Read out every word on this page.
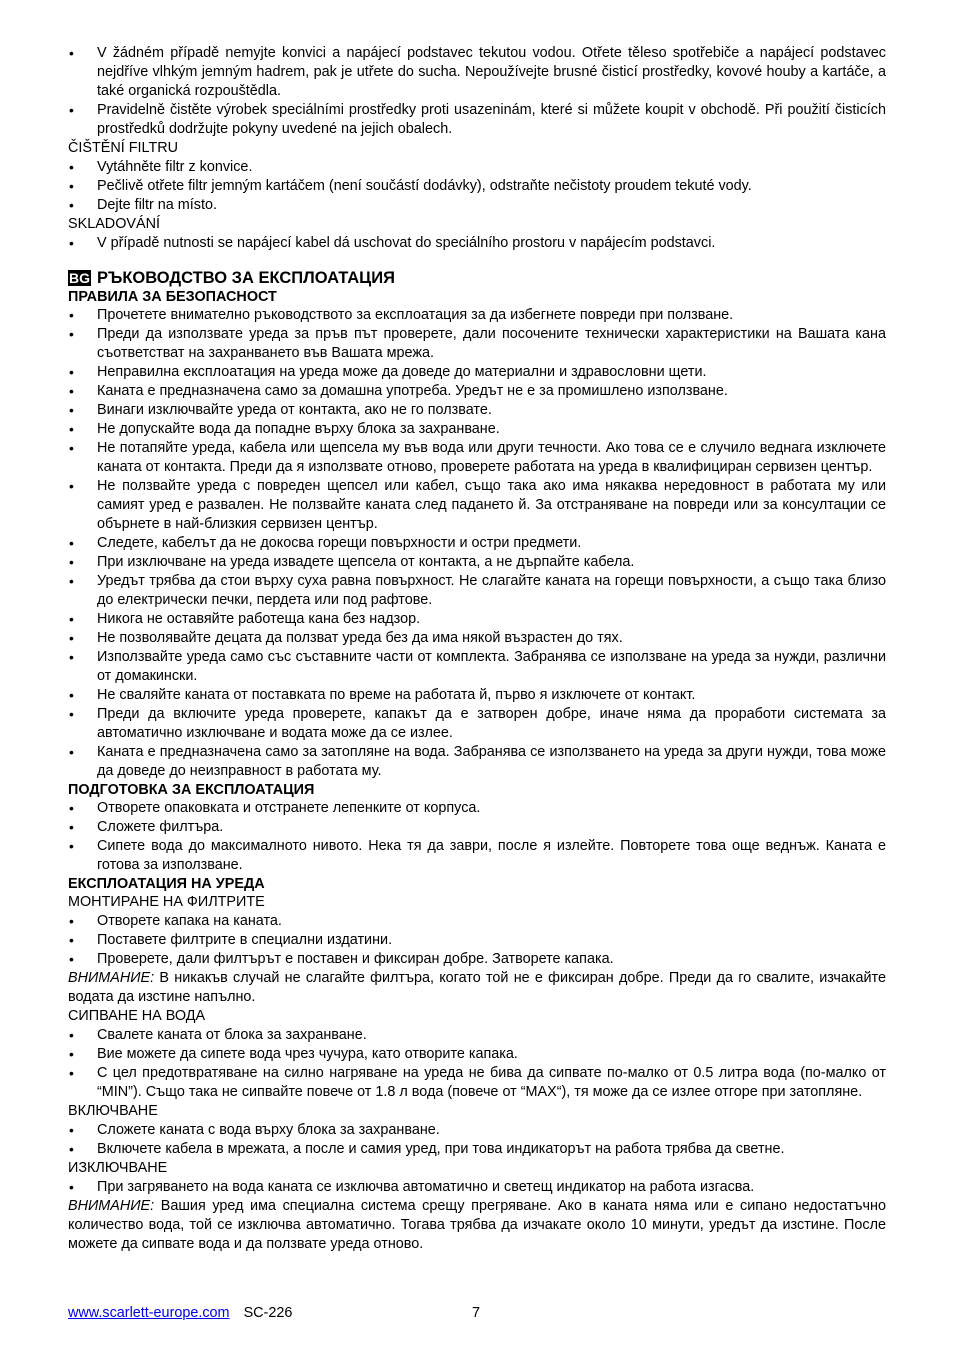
• V žádném případě nemyjte konvici a napájecí podstavec tekutou vodou. Otřete těleso spotřebiče a napájecí podstavec nejdříve vlhkým jemným hadrem, pak je utřete do sucha. Nepoužívejte brusné čisticí prostředky, kovové houby a kartáče, a také organická rozpouštědla.
• Pravidelně čistěte výrobek speciálními prostředky proti usazeninám, které si můžete koupit v obchodě. Při použití čisticích prostředků dodržujte pokyny uvedené na jejich obalech.
ČIŠTĚNÍ FILTRU
• Vytáhněte filtr z konvice.
• Pečlivě otřete filtr jemným kartáčem (není součástí dodávky), odstraňte nečistoty proudem tekuté vody.
• Dejte filtr na místo.
SKLADOVÁNÍ
• V případě nutnosti se napájecí kabel dá uschovat do speciálního prostoru v napájecím podstavci.
BG РЪКОВОДСТВО ЗА ЕКСПЛОАТАЦИЯ
ПРАВИЛА ЗА БЕЗОПАСНОСТ
• Прочетете внимателно ръководството за експлоатация за да избегнете повреди при ползване.
• Преди да използвате уреда за пръв път проверете, дали посочените технически характеристики на Вашата кана съответстват на захранването във Вашата мрежа.
• Неправилна експлоатация на уреда може да доведе до материални и здравословни щети.
• Каната е предназначена само за домашна употреба. Уредът не е за промишлено използване.
• Винаги изключвайте уреда от контакта, ако не го ползвате.
• Не допускайте вода да попадне върху блока за захранване.
• Не потапяйте уреда, кабела или щепсела му във вода или други течности. Ако това се е случило веднага изключете каната от контакта. Преди да я използвате отново, проверете работата на уреда в квалифициран сервизен център.
• Не ползвайте уреда с повреден щепсел или кабел, също така ако има някаква нередовност в работата му или самият уред е развален. Не ползвайте каната след падането й. За отстраняване на повреди или за консултации се обърнете в най-близкия сервизен център.
• Следете, кабелът да не докосва горещи повърхности и остри предмети.
• При изключване на уреда извадете щепсела от контакта, а не дърпайте кабела.
• Уредът трябва да стои върху суха равна повърхност. Не слагайте каната на горещи повърхности, а също така близо до електрически печки, пердета или под рафтове.
• Никога не оставяйте работеща кана без надзор.
• Не позволявайте децата да ползват уреда без да има някой възрастен до тях.
• Използвайте уреда само със съставните части от комплекта. Забранява се използване на уреда за нужди, различни от домакински.
• Не сваляйте каната от поставката по време на работата й, първо я изключете от контакт.
• Преди да включите уреда проверете, капакът да е затворен добре, иначе няма да проработи системата за автоматично изключване и водата може да се излее.
• Каната е предназначена само за затопляне на вода. Забранява се използването на уреда за други нужди, това може да доведе до неизправност в работата му.
ПОДГОТОВКА ЗА ЕКСПЛОАТАЦИЯ
• Отворете опаковката и отстранете лепенките от корпуса.
• Сложете филтъра.
• Сипете вода до максималното нивото. Нека тя да заври, после я излейте. Повторете това още веднъж. Каната е готова за използване.
ЕКСПЛОАТАЦИЯ НА УРЕДА
МОНТИРАНЕ НА ФИЛТРИТЕ
• Отворете капака на каната.
• Поставете филтрите в специални издатини.
• Проверете, дали филтърът е поставен и фиксиран добре. Затворете капака.
ВНИМАНИЕ: В никакъв случай не слагайте филтъра, когато той не е фиксиран добре. Преди да го свалите, изчакайте водата да изстине напълно.
СИПВАНЕ НА ВОДА
• Свалете каната от блока за захранване.
• Вие можете да сипете вода чрез чучура, като отворите капака.
• С цел предотвратяване на силно нагряване на уреда не бива да сипвате по-малко от 0.5 литра вода (по-малко от “MIN”). Също така не сипвайте повече от 1.8 л вода (повече от “MAX“), тя може да се излее отгоре при затопляне.
ВКЛЮЧВАНЕ
• Сложете каната с вода върху блока за захранване.
• Включете кабела в мрежата, а после и самия уред, при това индикаторът на работа трябва да светне.
ИЗКЛЮЧВАНЕ
• При загряването на вода каната се изключва автоматично и светещ индикатор на работа изгасва.
ВНИМАНИЕ: Вашия уред има специална система срещу прегряване. Ако в каната няма или е сипано недостатъчно количество вода, той се изключва автоматично. Тогава трябва да изчакате около 10 минути, уредът да изстине. После можете да сипвате вода и да ползвате уреда отново.
www.scarlett-europe.com SC-226	7
